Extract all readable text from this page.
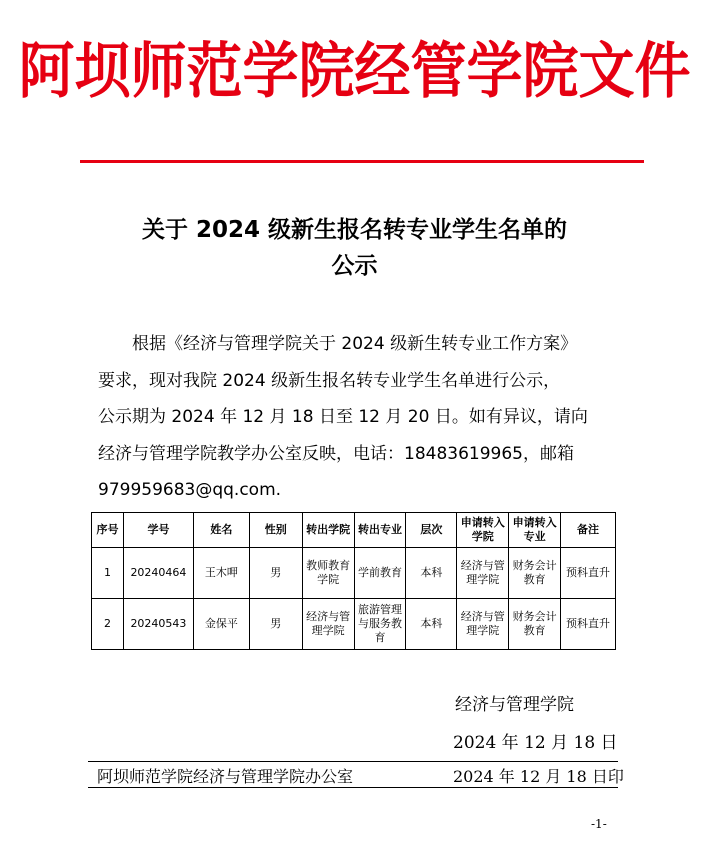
阿坝师范学院经管学院文件
关于 2024 级新生报名转专业学生名单的
公示

根据《经济与管理学院关于 2024 级新生转专业工作方案》

要求，现对我院 2024 级新生报名转专业学生名单进行公示，

公示期为 2024 年 12 月 18 日至 12 月 20 日。如有异议，请向

经济与管理学院教学办公室反映，电话：18483619965，邮箱

979959683@qq.com.

序号	学号	姓名	性别	转出学院	转出专业	层次	申请转入学院	申请转入专业	备注
1	20240464	王木呷	男	教师教育学院	学前教育	本科	经济与管理学院	财务会计教育	预科直升
2	20240543	金保平	男	经济与管理学院	旅游管理与服务教育	本科	经济与管理学院	财务会计教育	预科直升
经济与管理学院
2024 年 12 月 18 日
阿坝师范学院经济与管理学院办公室	2024 年 12 月 18 日印
-1-
